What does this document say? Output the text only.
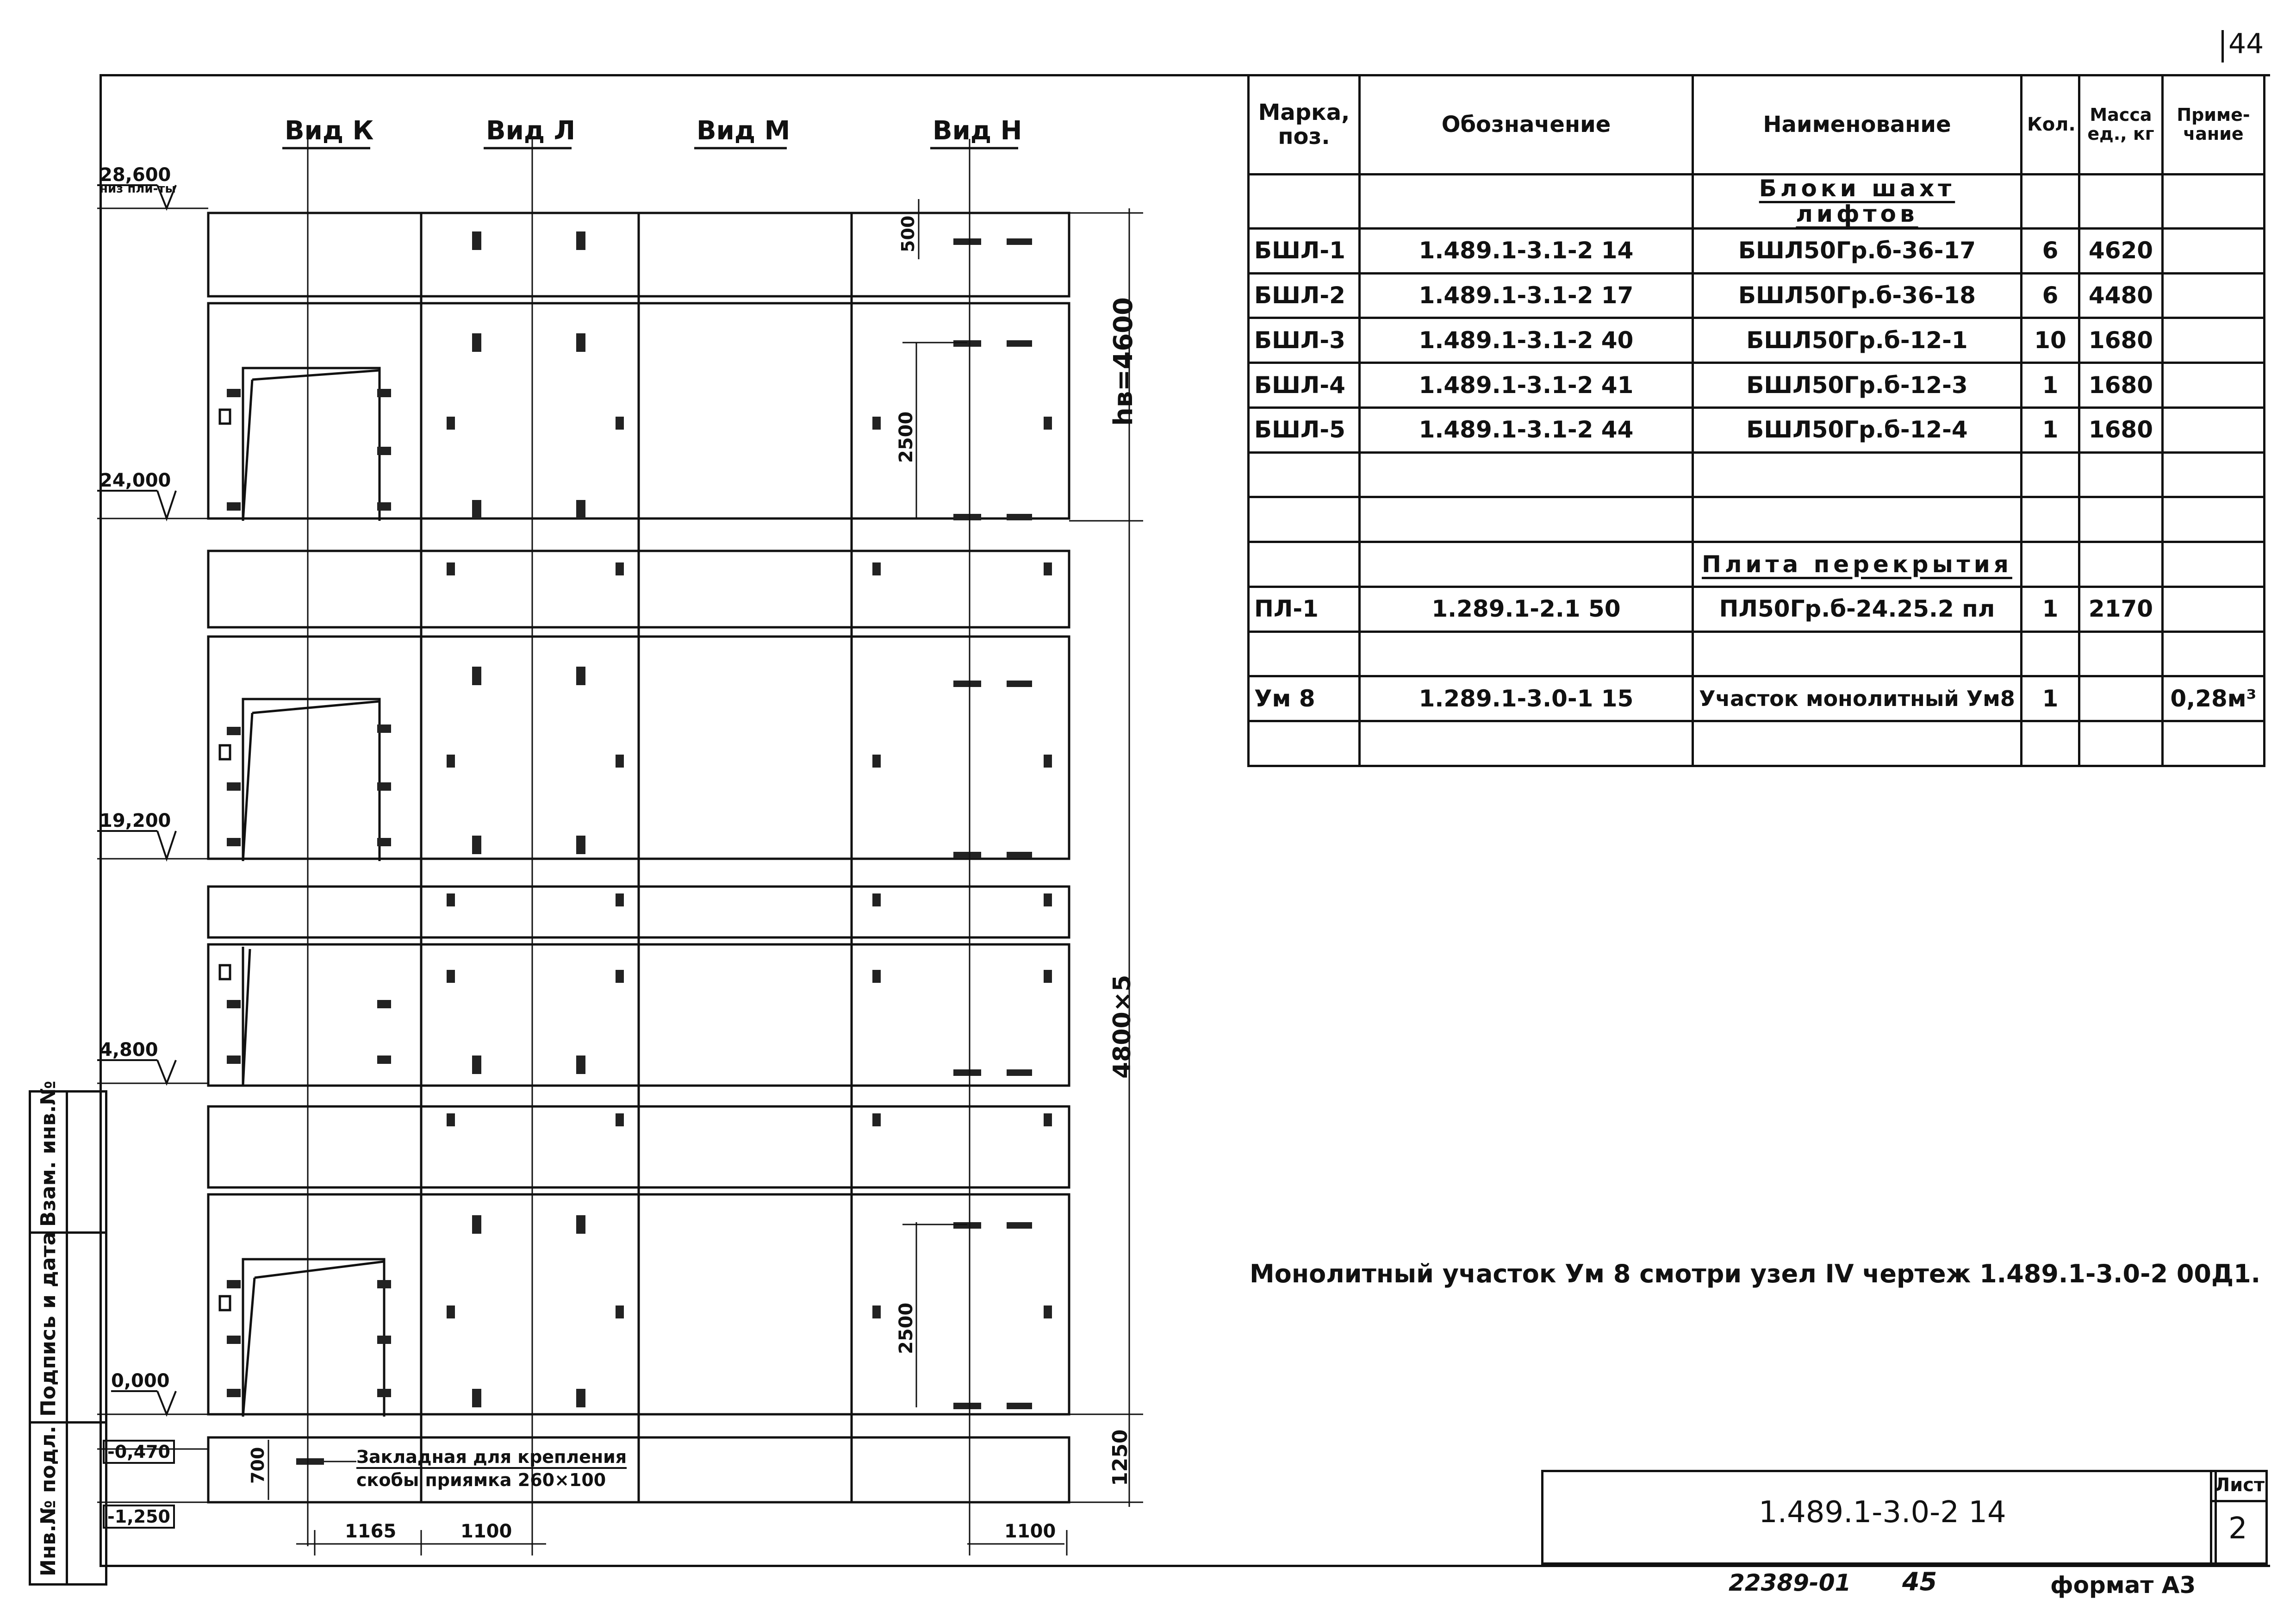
44
Вид К	Вид Л	Вид М	Вид Н
28,600
низ пли-ты
24,000
19,200
4,800
0,000
-0,470
-1,250
500
2500
2500
hв=4600
4800×5
1250
700
1165	1100	1100
Закладная для крепления
скобы приямка 260×100
Марка, поз.	Обозначение	Наименование	Кол.	Масса ед., кг	Приме-чание
		Блоки шахт лифтов			
БШЛ-1	1.489.1-3.1-2 14	БШЛ50Гр.б-36-17	6	4620	
БШЛ-2	1.489.1-3.1-2 17	БШЛ50Гр.б-36-18	6	4480	
БШЛ-3	1.489.1-3.1-2 40	БШЛ50Гр.б-12-1	10	1680	
БШЛ-4	1.489.1-3.1-2 41	БШЛ50Гр.б-12-3	1	1680	
БШЛ-5	1.489.1-3.1-2 44	БШЛ50Гр.б-12-4	1	1680	

		Плита перекрытия			
ПЛ-1	1.289.1-2.1 50	ПЛ50Гр.б-24.25.2 пл	1	2170	

Ум 8	1.289.1-3.0-1 15	Участок монолитный Ум8	1		0,28м³

Монолитный участок Ум 8 смотри узел IV чертеж 1.489.1-3.0-2 00Д1.
Инв.№ подл.
Подпись и дата
Взам. инв.№
1.489.1-3.0-2 14
Лист
2
22389-01 45	формат А3
